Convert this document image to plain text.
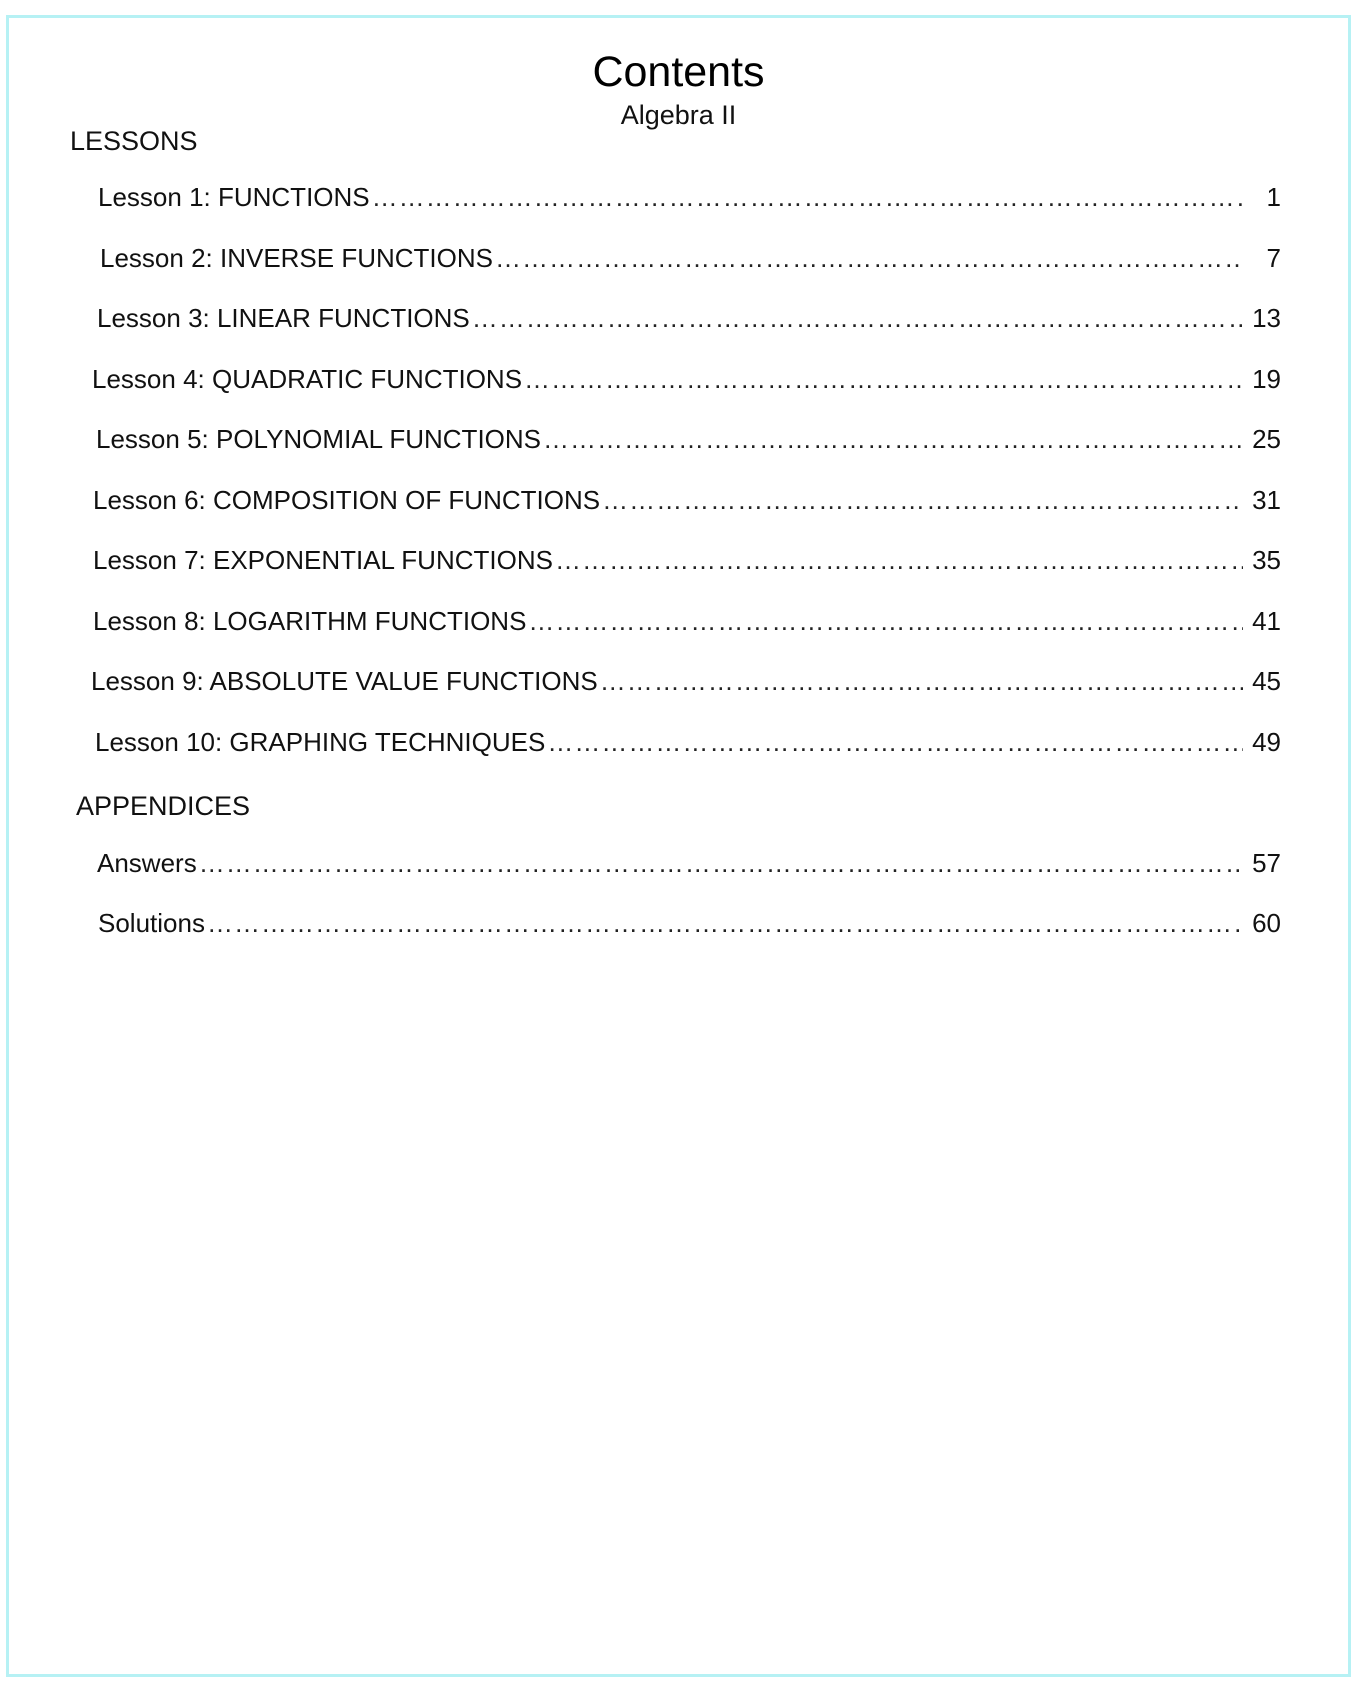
Contents
Algebra II
LESSONS
Lesson 1: FUNCTIONS ……………………………………………………………………………………………………………………………………………………………………………………………………………………………………………………	1
Lesson 2: INVERSE FUNCTIONS ……………………………………………………………………………………………………………………………………………………………………………………………………………………………………………………	7
Lesson 3: LINEAR FUNCTIONS ……………………………………………………………………………………………………………………………………………………………………………………………………………………………………………………	13
Lesson 4: QUADRATIC FUNCTIONS ……………………………………………………………………………………………………………………………………………………………………………………………………………………………………………………	19
Lesson 5: POLYNOMIAL FUNCTIONS ……………………………………………………………………………………………………………………………………………………………………………………………………………………………………………………	25
Lesson 6: COMPOSITION OF FUNCTIONS ……………………………………………………………………………………………………………………………………………………………………………………………………………………………………………………	31
Lesson 7: EXPONENTIAL FUNCTIONS ……………………………………………………………………………………………………………………………………………………………………………………………………………………………………………………	35
Lesson 8: LOGARITHM FUNCTIONS ……………………………………………………………………………………………………………………………………………………………………………………………………………………………………………………	41
Lesson 9: ABSOLUTE VALUE FUNCTIONS ……………………………………………………………………………………………………………………………………………………………………………………………………………………………………………………	45
Lesson 10: GRAPHING TECHNIQUES ……………………………………………………………………………………………………………………………………………………………………………………………………………………………………………………	49
APPENDICES
Answers ……………………………………………………………………………………………………………………………………………………………………………………………………………………………………………………	57
Solutions ……………………………………………………………………………………………………………………………………………………………………………………………………………………………………………………	60
